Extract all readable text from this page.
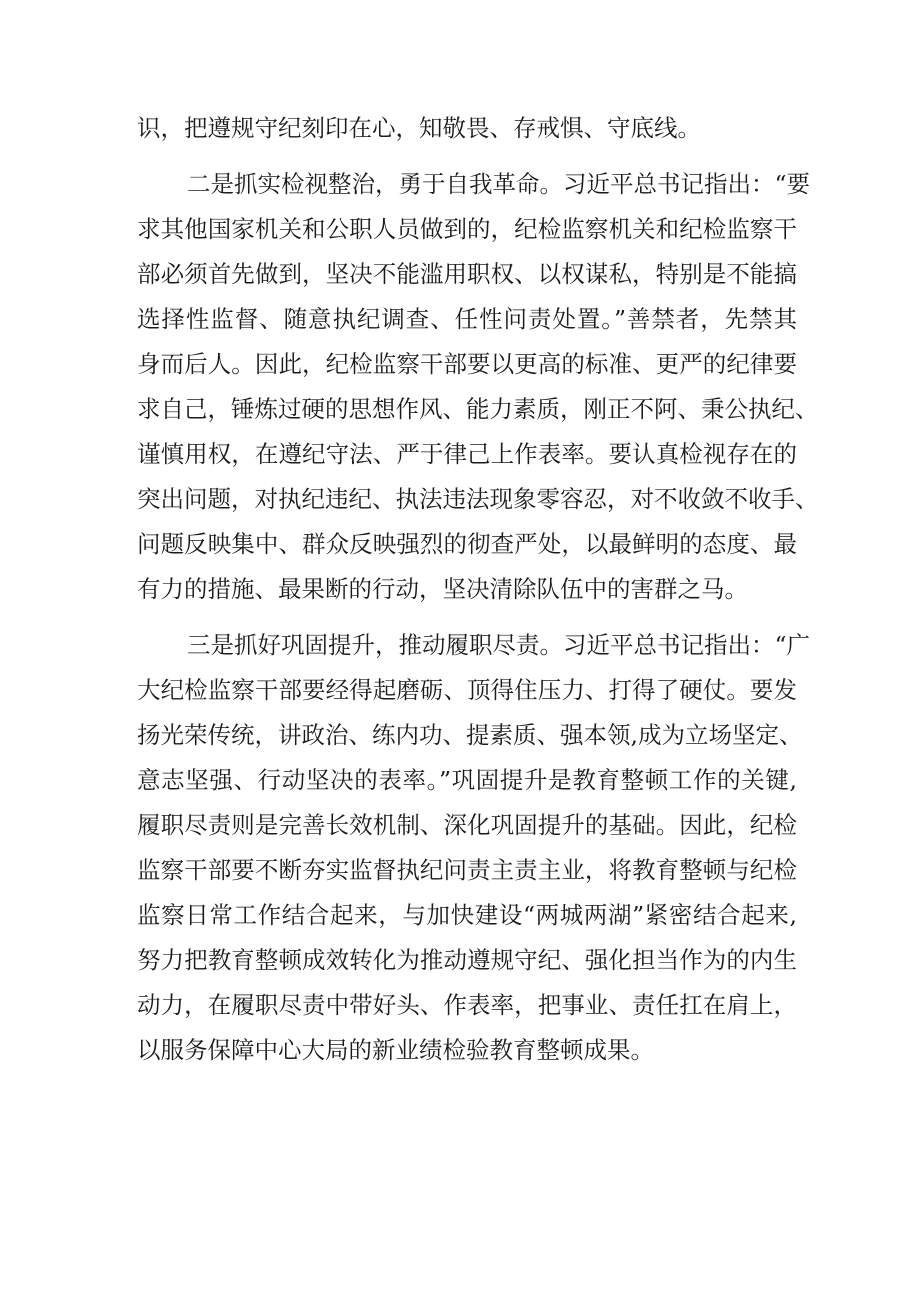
识，把遵规守纪刻印在心，知敬畏、存戒惧、守底线。
二是抓实检视整治，勇于自我革命。习近平总书记指出：“要
求其他国家机关和公职人员做到的，纪检监察机关和纪检监察干
部必须首先做到，坚决不能滥用职权、以权谋私，特别是不能搞
选择性监督、随意执纪调查、任性问责处置。”善禁者，先禁其
身而后人。因此，纪检监察干部要以更高的标准、更严的纪律要
求自己，锤炼过硬的思想作风、能力素质，刚正不阿、秉公执纪、
谨慎用权，在遵纪守法、严于律己上作表率。要认真检视存在的
突出问题，对执纪违纪、执法违法现象零容忍，对不收敛不收手、
问题反映集中、群众反映强烈的彻查严处，以最鲜明的态度、最
有力的措施、最果断的行动，坚决清除队伍中的害群之马。
三是抓好巩固提升，推动履职尽责。习近平总书记指出：“广
大纪检监察干部要经得起磨砺、顶得住压力、打得了硬仗。要发
扬光荣传统，讲政治、练内功、提素质、强本领,成为立场坚定、
意志坚强、行动坚决的表率。”巩固提升是教育整顿工作的关键,
履职尽责则是完善长效机制、深化巩固提升的基础。因此，纪检
监察干部要不断夯实监督执纪问责主责主业，将教育整顿与纪检
监察日常工作结合起来，与加快建设“两城两湖”紧密结合起来,
努力把教育整顿成效转化为推动遵规守纪、强化担当作为的内生
动力，在履职尽责中带好头、作表率，把事业、责任扛在肩上，
以服务保障中心大局的新业绩检验教育整顿成果。
